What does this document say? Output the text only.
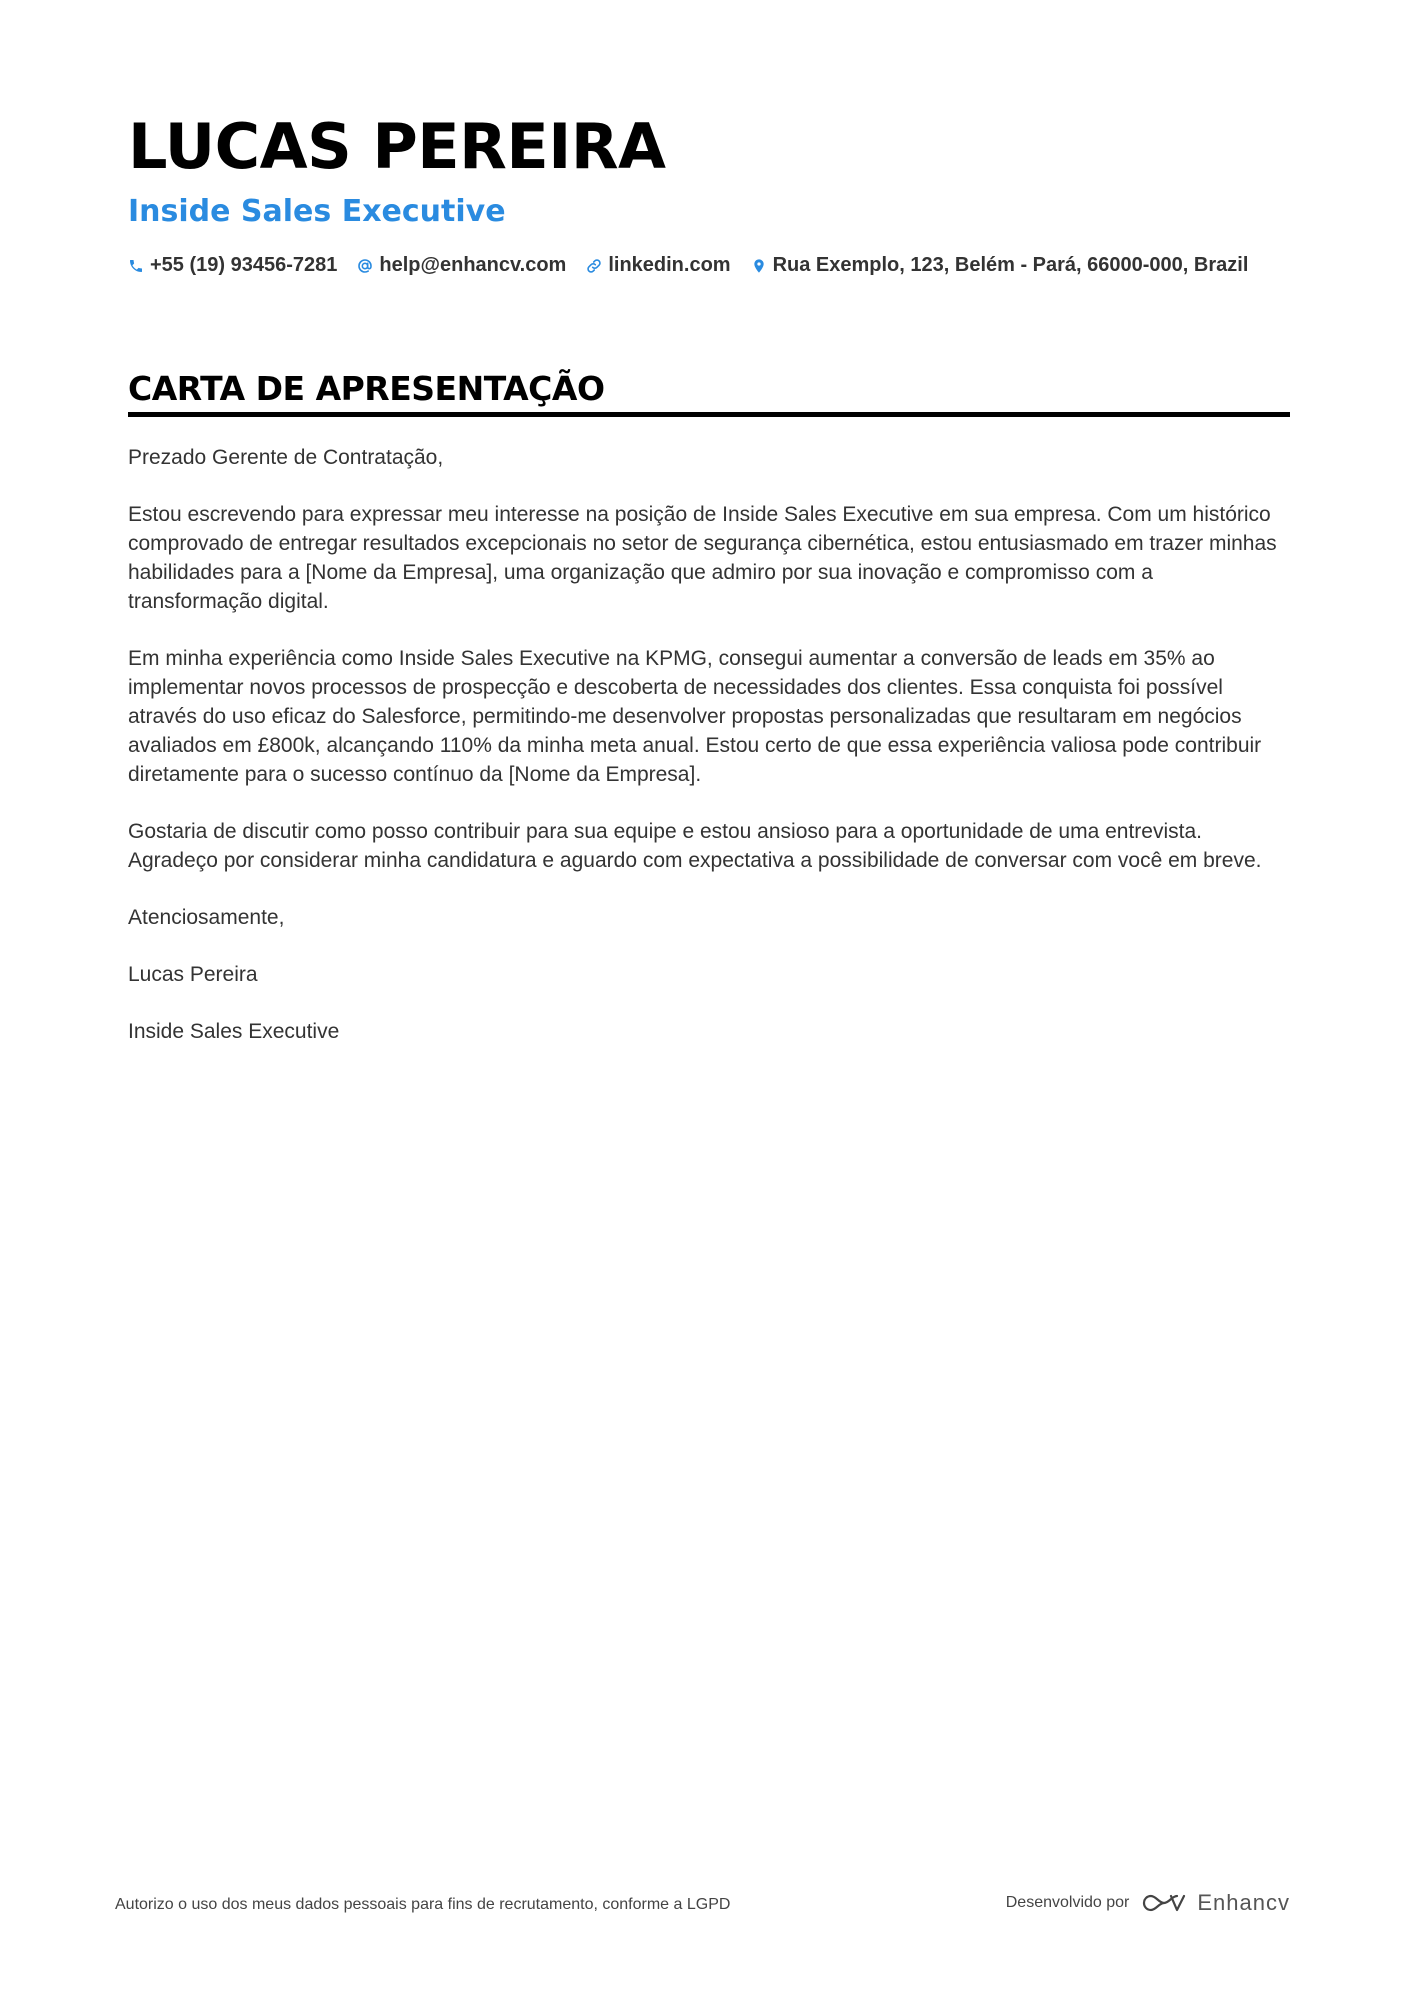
LUCAS PEREIRA
Inside Sales Executive
+55 (19) 93456-7281 help@enhancv.com linkedin.com Rua Exemplo, 123, Belém - Pará, 66000-000, Brazil
CARTA DE APRESENTAÇÃO

Prezado Gerente de Contratação,

Estou escrevendo para expressar meu interesse na posição de Inside Sales Executive em sua empresa. Com um histórico comprovado de entregar resultados excepcionais no setor de segurança cibernética, estou entusiasmado em trazer minhas habilidades para a [Nome da Empresa], uma organização que admiro por sua inovação e compromisso com a transformação digital.

Em minha experiência como Inside Sales Executive na KPMG, consegui aumentar a conversão de leads em 35% ao implementar novos processos de prospecção e descoberta de necessidades dos clientes. Essa conquista foi possível através do uso eficaz do Salesforce, permitindo-me desenvolver propostas personalizadas que resultaram em negócios avaliados em £800k, alcançando 110% da minha meta anual. Estou certo de que essa experiência valiosa pode contribuir diretamente para o sucesso contínuo da [Nome da Empresa].

Gostaria de discutir como posso contribuir para sua equipe e estou ansioso para a oportunidade de uma entrevista. Agradeço por considerar minha candidatura e aguardo com expectativa a possibilidade de conversar com você em breve.

Atenciosamente,

Lucas Pereira

Inside Sales Executive

Autorizo o uso dos meus dados pessoais para fins de recrutamento, conforme a LGPD	Desenvolvido por	Enhancv
